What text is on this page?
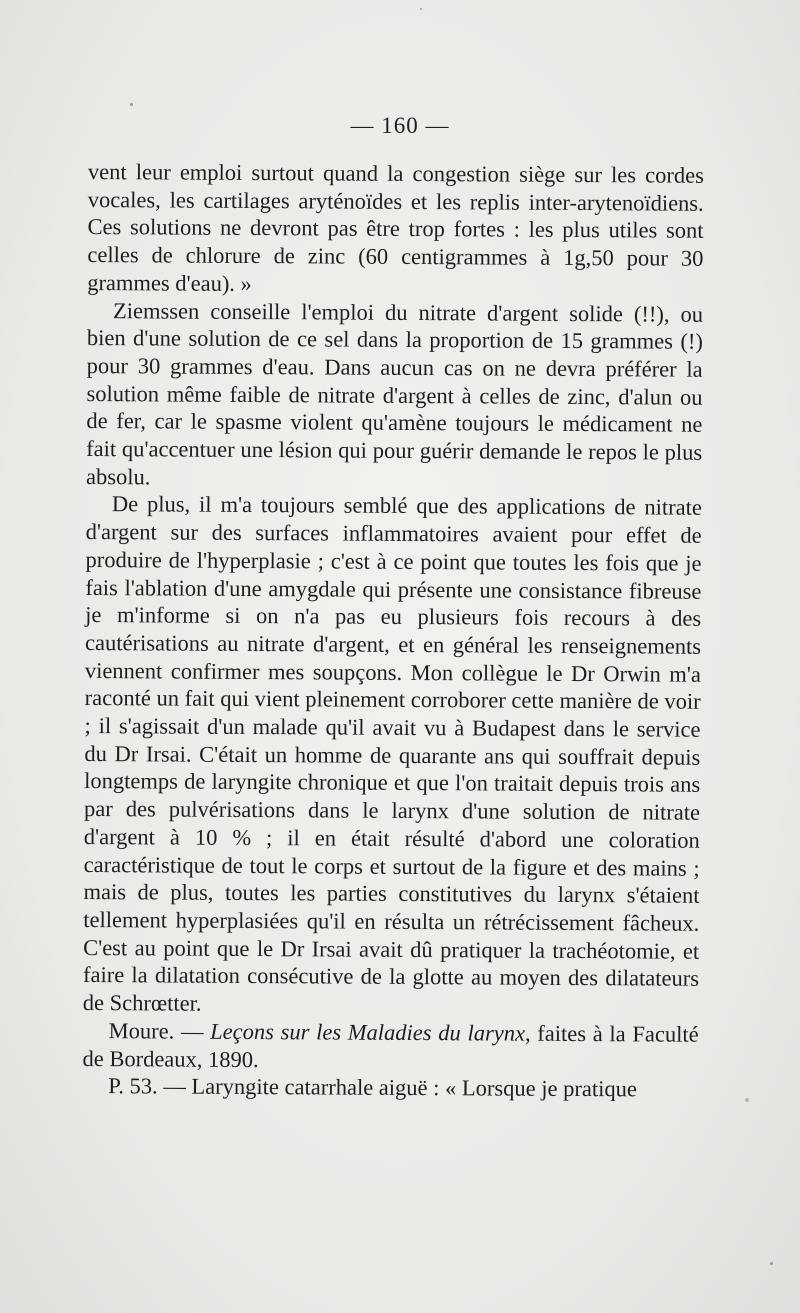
— 160 —

vent leur emploi surtout quand la congestion siège sur les cordes vocales, les cartilages aryténoïdes et les replis inter-arytenoïdiens. Ces solutions ne devront pas être trop fortes : les plus utiles sont celles de chlorure de zinc (60 centigrammes à 1g,50 pour 30 grammes d'eau). »

Ziemssen conseille l'emploi du nitrate d'argent solide (!!), ou bien d'une solution de ce sel dans la proportion de 15 grammes (!) pour 30 grammes d'eau. Dans aucun cas on ne devra préférer la solution même faible de nitrate d'argent à celles de zinc, d'alun ou de fer, car le spasme violent qu'amène toujours le médicament ne fait qu'accentuer une lésion qui pour guérir demande le repos le plus absolu.

De plus, il m'a toujours semblé que des applications de nitrate d'argent sur des surfaces inflammatoires avaient pour effet de produire de l'hyperplasie ; c'est à ce point que toutes les fois que je fais l'ablation d'une amygdale qui présente une consistance fibreuse je m'informe si on n'a pas eu plusieurs fois recours à des cautérisations au nitrate d'argent, et en général les renseignements viennent confirmer mes soupçons. Mon collègue le Dr Orwin m'a raconté un fait qui vient pleinement corroborer cette manière de voir ; il s'agissait d'un malade qu'il avait vu à Budapest dans le service du Dr Irsai. C'était un homme de quarante ans qui souffrait depuis longtemps de laryngite chronique et que l'on traitait depuis trois ans par des pulvérisations dans le larynx d'une solution de nitrate d'argent à 10 % ; il en était résulté d'abord une coloration caractéristique de tout le corps et surtout de la figure et des mains ; mais de plus, toutes les parties constitutives du larynx s'étaient tellement hyperplasiées qu'il en résulta un rétrécissement fâcheux. C'est au point que le Dr Irsai avait dû pratiquer la trachéotomie, et faire la dilatation consécutive de la glotte au moyen des dilatateurs de Schrœtter.

Moure. — Leçons sur les Maladies du larynx, faites à la Faculté de Bordeaux, 1890.

P. 53. — Laryngite catarrhale aiguë : « Lorsque je pratique
